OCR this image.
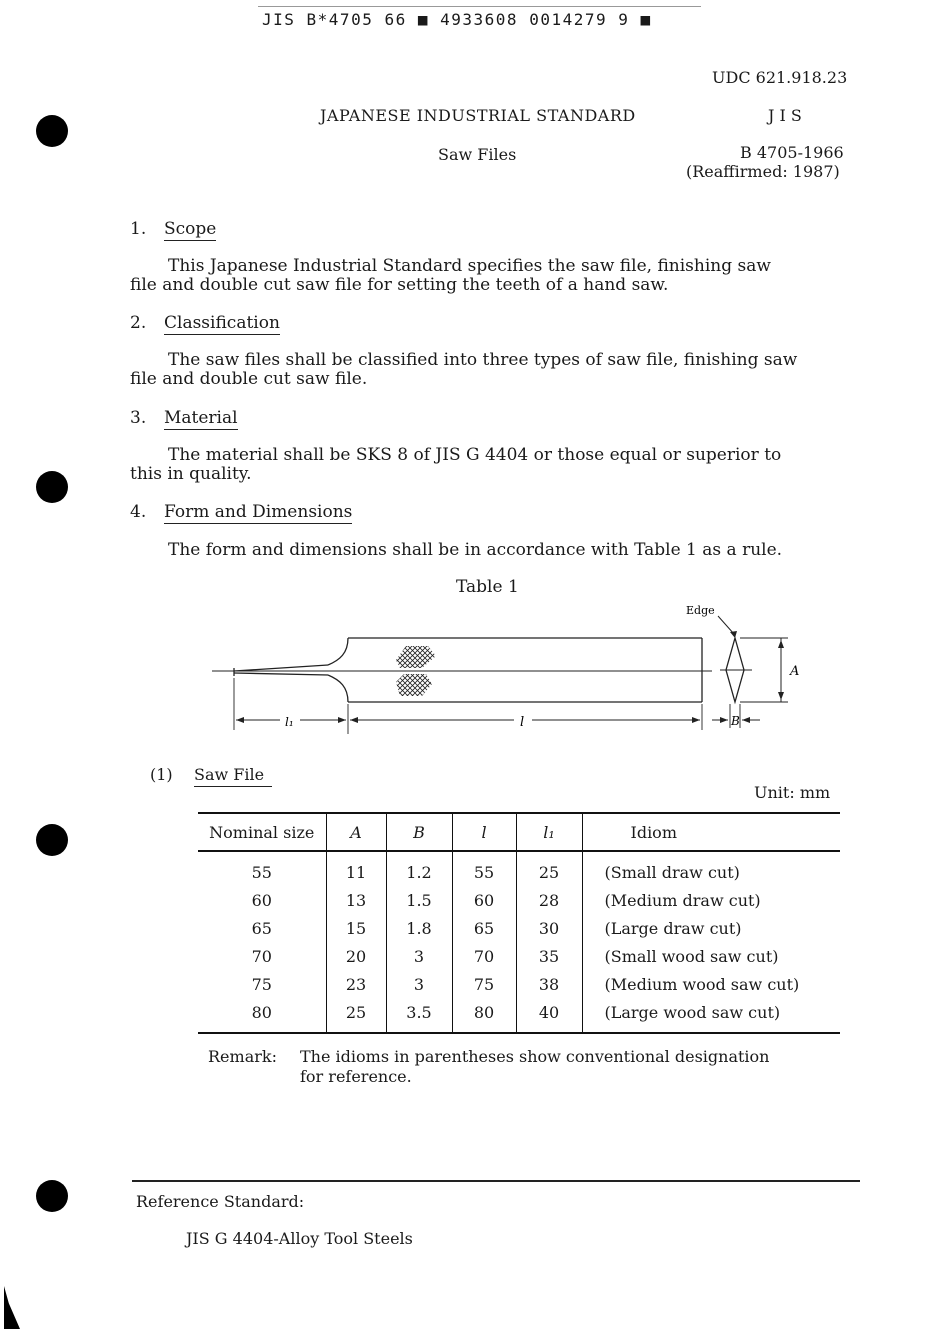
JIS B*4705 66 ■ 4933608 0014279 9 ■
UDC 621.918.23
JAPANESE INDUSTRIAL STANDARD	J I S
Saw Files	B 4705-1966
(Reaffirmed: 1987)
1. Scope
This Japanese Industrial Standard specifies the saw file, finishing saw
file and double cut saw file for setting the teeth of a hand saw.
2. Classification
The saw files shall be classified into three types of saw file, finishing saw
file and double cut saw file.
3. Material
The material shall be SKS 8 of JIS G 4404 or those equal or superior to
this in quality.
4. Form and Dimensions
The form and dimensions shall be in accordance with Table 1 as a rule.
Table 1
Edge
l₁	l	B
A
(1) Saw File
Unit: mm
Nominal size	A	B	l	l₁	Idiom
55	11	1.2	55	25	(Small draw cut)
60	13	1.5	60	28	(Medium draw cut)
65	15	1.8	65	30	(Large draw cut)
70	20	3	70	35	(Small wood saw cut)
75	23	3	75	38	(Medium wood saw cut)
80	25	3.5	80	40	(Large wood saw cut)
Remark: The idioms in parentheses show conventional designation
for reference.
Reference Standard:
JIS G 4404-Alloy Tool Steels
